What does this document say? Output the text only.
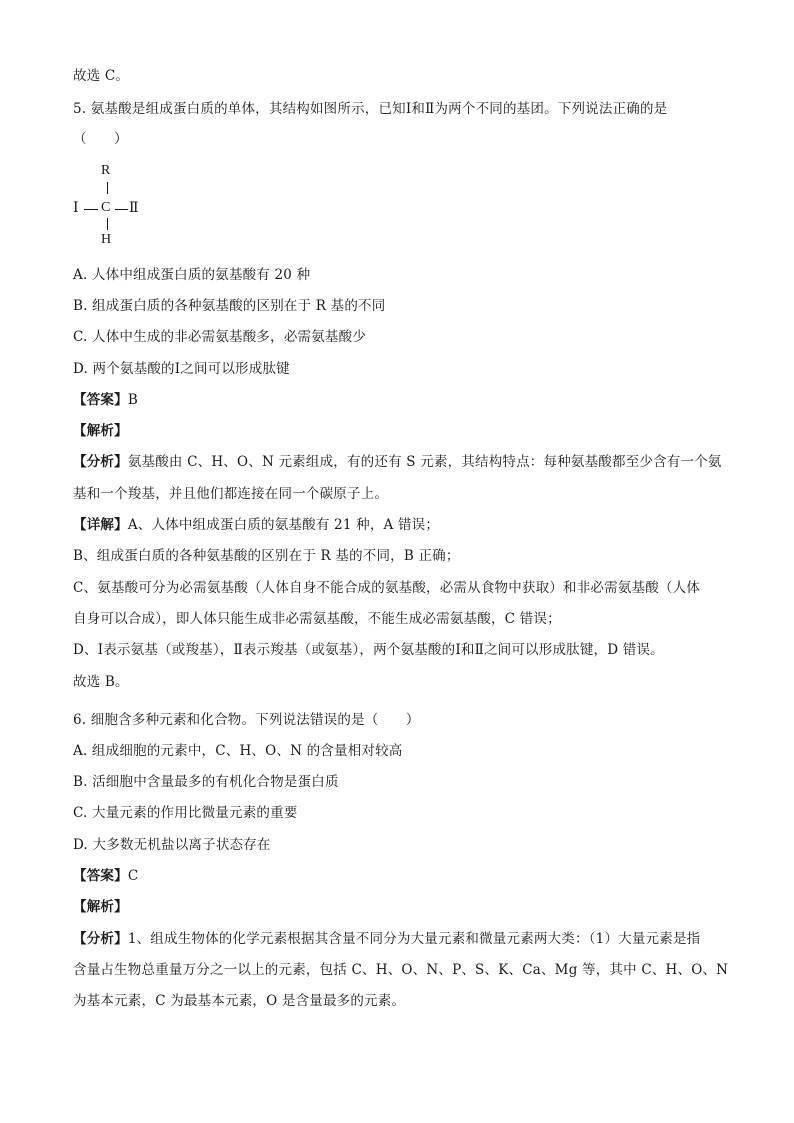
故选 C。
5. 氨基酸是组成蛋白质的单体，其结构如图所示，已知Ⅰ和Ⅱ为两个不同的基团。下列说法正确的是
（　　）
R
Ⅰ C Ⅱ
H
A. 人体中组成蛋白质的氨基酸有 20 种
B. 组成蛋白质的各种氨基酸的区别在于 R 基的不同
C. 人体中生成的非必需氨基酸多，必需氨基酸少
D. 两个氨基酸的Ⅰ之间可以形成肽键
【答案】B
【解析】
【分析】氨基酸由 C、H、O、N 元素组成，有的还有 S 元素，其结构特点：每种氨基酸都至少含有一个氨
基和一个羧基，并且他们都连接在同一个碳原子上。
【详解】A、人体中组成蛋白质的氨基酸有 21 种，A 错误；
B、组成蛋白质的各种氨基酸的区别在于 R 基的不同，B 正确；
C、氨基酸可分为必需氨基酸（人体自身不能合成的氨基酸，必需从食物中获取）和非必需氨基酸（人体
自身可以合成），即人体只能生成非必需氨基酸，不能生成必需氨基酸，C 错误；
D、Ⅰ表示氨基（或羧基），Ⅱ表示羧基（或氨基），两个氨基酸的Ⅰ和Ⅱ之间可以形成肽键，D 错误。
故选 B。
6. 细胞含多种元素和化合物。下列说法错误的是（　　）
A. 组成细胞的元素中，C、H、O、N 的含量相对较高
B. 活细胞中含量最多的有机化合物是蛋白质
C. 大量元素的作用比微量元素的重要
D. 大多数无机盐以离子状态存在
【答案】C
【解析】
【分析】1、组成生物体的化学元素根据其含量不同分为大量元素和微量元素两大类：（1）大量元素是指
含量占生物总重量万分之一以上的元素，包括 C、H、O、N、P、S、K、Ca、Mg 等，其中 C、H、O、N
为基本元素，C 为最基本元素，O 是含量最多的元素。
